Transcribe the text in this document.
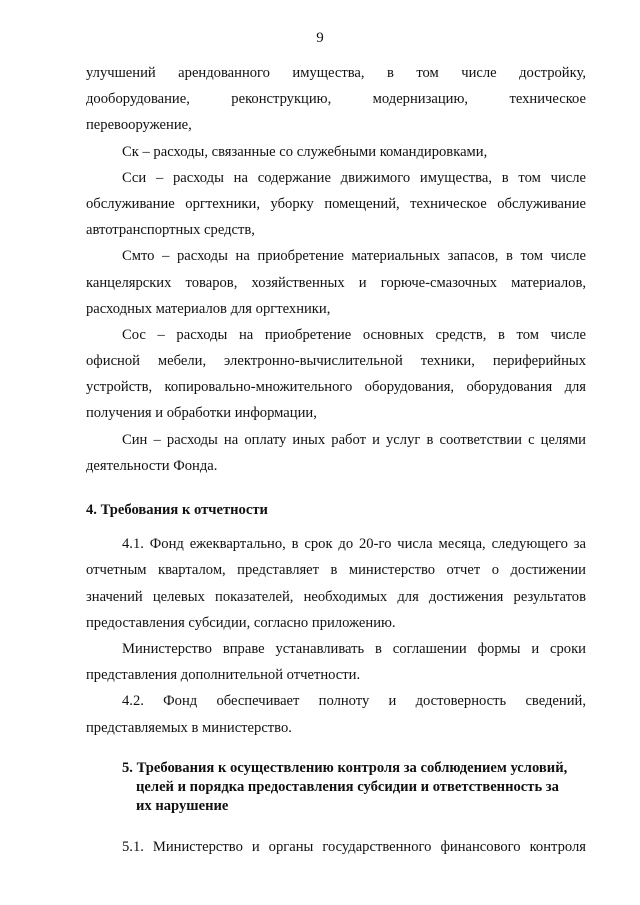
9
улучшений арендованного имущества, в том числе достройку,
дооборудование, реконструкцию, модернизацию, техническое
перевооружение,
Ск – расходы, связанные со служебными командировками,
Сси – расходы на содержание движимого имущества, в том числе
обслуживание оргтехники, уборку помещений, техническое обслуживание
автотранспортных средств,
Смто – расходы на приобретение материальных запасов, в том числе
канцелярских товаров, хозяйственных и горюче-смазочных материалов,
расходных материалов для оргтехники,
Сос – расходы на приобретение основных средств, в том числе
офисной мебели, электронно-вычислительной техники, периферийных
устройств, копировально-множительного оборудования, оборудования для
получения и обработки информации,
Син – расходы на оплату иных работ и услуг в соответствии с целями
деятельности Фонда.
4. Требования к отчетности
4.1. Фонд ежеквартально, в срок до 20-го числа месяца, следующего за
отчетным кварталом, представляет в министерство отчет о достижении
значений целевых показателей, необходимых для достижения результатов
предоставления субсидии, согласно приложению.
Министерство вправе устанавливать в соглашении формы и сроки
представления дополнительной отчетности.
4.2. Фонд обеспечивает полноту и достоверность сведений,
представляемых в министерство.
5. Требования к осуществлению контроля за соблюдением условий,
целей и порядка предоставления субсидии и ответственность за
их нарушение
5.1. Министерство и органы государственного финансового контроля
